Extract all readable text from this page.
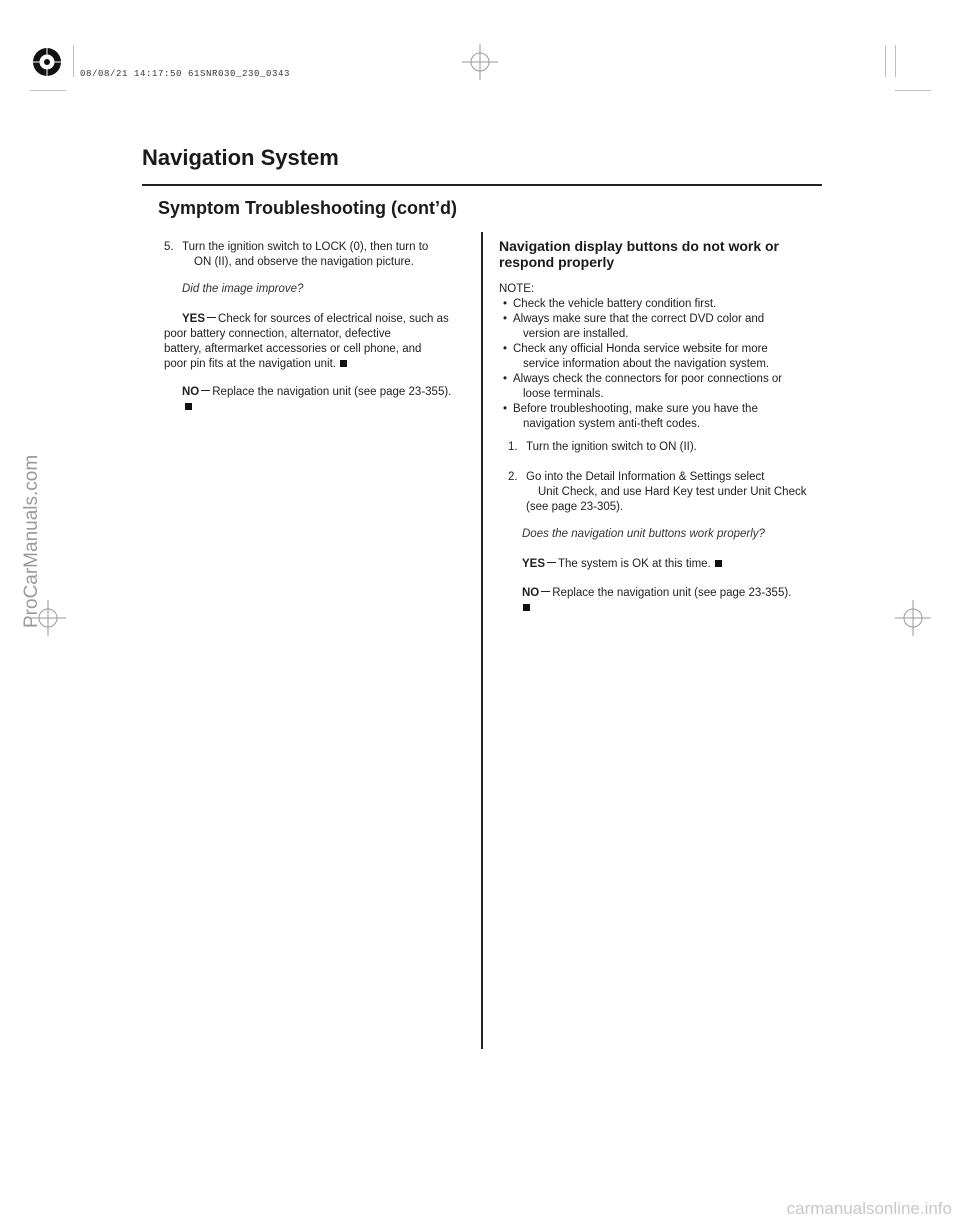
08/08/21 14:17:50 61SNR030_230_0343
Navigation System
Symptom Troubleshooting (cont’d)
5. Turn the ignition switch to LOCK (0), then turn to
ON (II), and observe the navigation picture.
Did the image improve?
YES Check for sources of electrical noise, such as
poor battery connection, alternator, defective
battery, aftermarket accessories or cell phone, and
poor pin fits at the navigation unit.
NO Replace the navigation unit (see page 23-355).
Navigation display buttons do not work or
respond properly
NOTE:
• Check the vehicle battery condition first.
• Always make sure that the correct DVD color and
version are installed.
• Check any official Honda service website for more
service information about the navigation system.
• Always check the connectors for poor connections or
loose terminals.
• Before troubleshooting, make sure you have the
navigation system anti-theft codes.
1. Turn the ignition switch to ON (II).
2. Go into the Detail Information & Settings select
Unit Check, and use Hard Key test under Unit Check
(see page 23-305).
Does the navigation unit buttons work properly?
YES The system is OK at this time.
NO Replace the navigation unit (see page 23-355).
ProCarManuals.com
carmanualsonline.info
